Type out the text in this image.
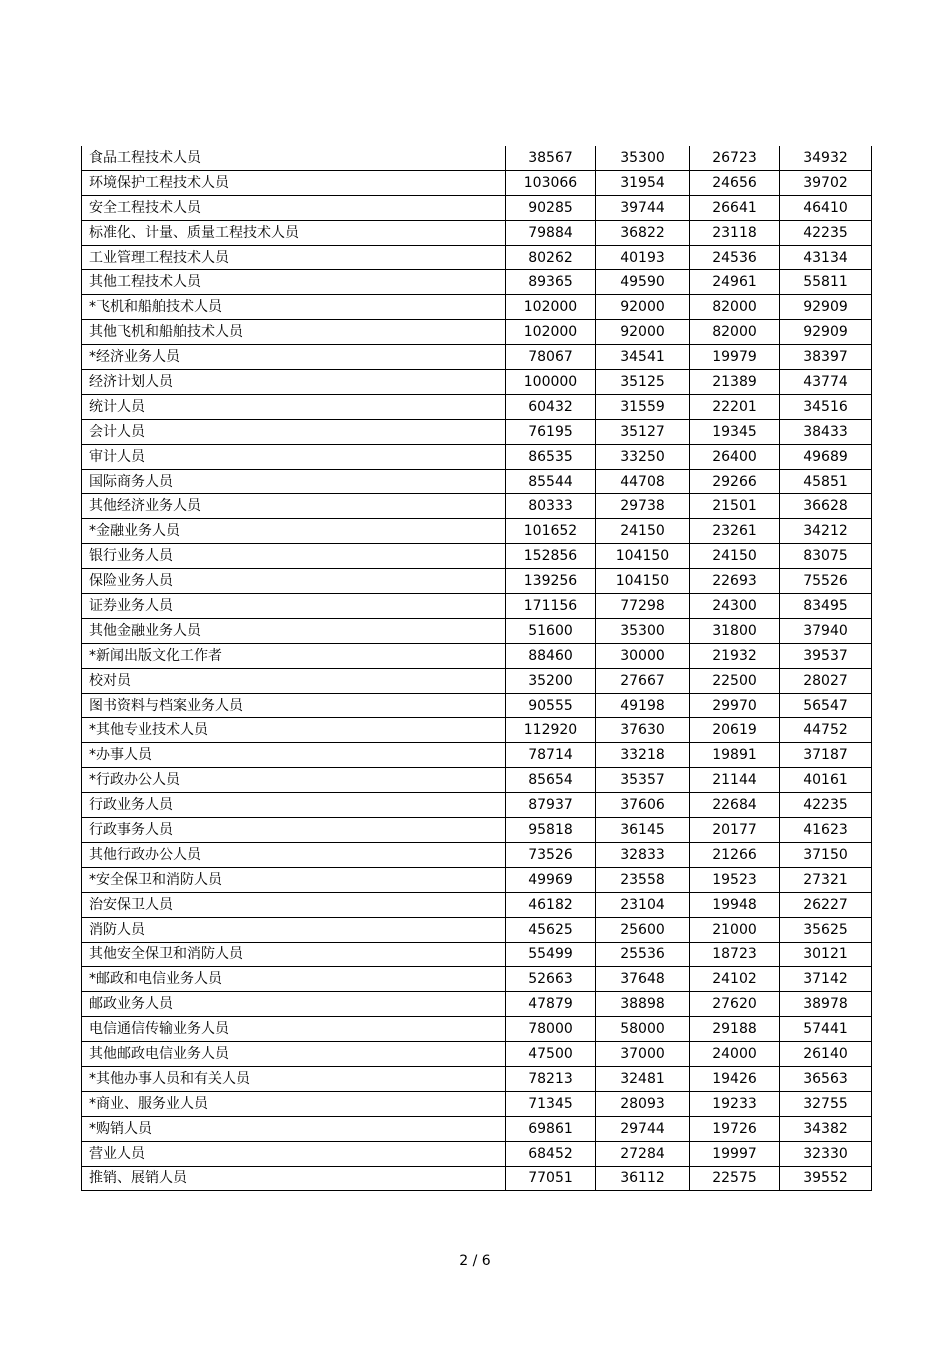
食品工程技术人员	38567	35300	26723	34932
环境保护工程技术人员	103066	31954	24656	39702
安全工程技术人员	90285	39744	26641	46410
标准化、计量、质量工程技术人员	79884	36822	23118	42235
工业管理工程技术人员	80262	40193	24536	43134
其他工程技术人员	89365	49590	24961	55811
*飞机和船舶技术人员	102000	92000	82000	92909
其他飞机和船舶技术人员	102000	92000	82000	92909
*经济业务人员	78067	34541	19979	38397
经济计划人员	100000	35125	21389	43774
统计人员	60432	31559	22201	34516
会计人员	76195	35127	19345	38433
审计人员	86535	33250	26400	49689
国际商务人员	85544	44708	29266	45851
其他经济业务人员	80333	29738	21501	36628
*金融业务人员	101652	24150	23261	34212
银行业务人员	152856	104150	24150	83075
保险业务人员	139256	104150	22693	75526
证券业务人员	171156	77298	24300	83495
其他金融业务人员	51600	35300	31800	37940
*新闻出版文化工作者	88460	30000	21932	39537
校对员	35200	27667	22500	28027
图书资料与档案业务人员	90555	49198	29970	56547
*其他专业技术人员	112920	37630	20619	44752
*办事人员	78714	33218	19891	37187
*行政办公人员	85654	35357	21144	40161
行政业务人员	87937	37606	22684	42235
行政事务人员	95818	36145	20177	41623
其他行政办公人员	73526	32833	21266	37150
*安全保卫和消防人员	49969	23558	19523	27321
治安保卫人员	46182	23104	19948	26227
消防人员	45625	25600	21000	35625
其他安全保卫和消防人员	55499	25536	18723	30121
*邮政和电信业务人员	52663	37648	24102	37142
邮政业务人员	47879	38898	27620	38978
电信通信传输业务人员	78000	58000	29188	57441
其他邮政电信业务人员	47500	37000	24000	26140
*其他办事人员和有关人员	78213	32481	19426	36563
*商业、服务业人员	71345	28093	19233	32755
*购销人员	69861	29744	19726	34382
营业人员	68452	27284	19997	32330
推销、展销人员	77051	36112	22575	39552
2 / 6
